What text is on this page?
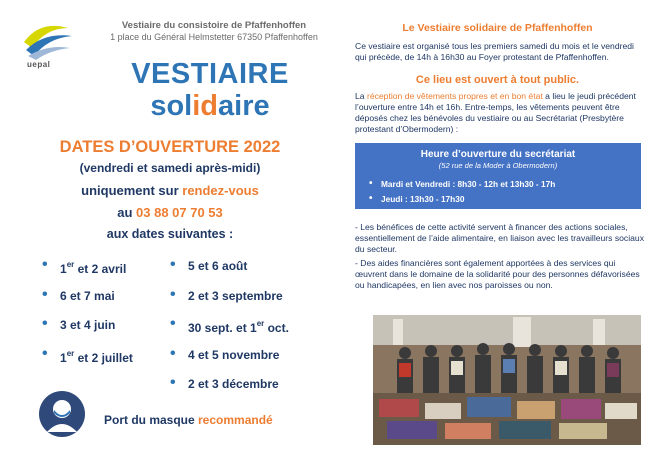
uepal
Vestiaire du consistoire de Pfaffenhoffen
1 place du Général Helmstetter 67350 Pfaffenhoffen
VESTIAIRE
solidaire
DATES D’OUVERTURE 2022
(vendredi et samedi après-midi)
uniquement sur rendez-vous
au 03 88 07 70 53
aux dates suivantes :
• 1er et 2 avril
• 6 et 7 mai
• 3 et 4 juin
• 1er et 2 juillet
• 5 et 6 août
• 2 et 3 septembre
• 30 sept. et 1er oct.
• 4 et 5 novembre
• 2 et 3 décembre
Port du masque recommandé
Le Vestiaire solidaire de Pfaffenhoffen
Ce vestiaire est organisé tous les premiers samedi du mois et le vendredi qui précède, de 14h à 16h30 au Foyer protestant de Pfaffenhoffen.
Ce lieu est ouvert à tout public.
La réception de vêtements propres et en bon état a lieu le jeudi précédent l’ouverture entre 14h et 16h. Entre-temps, les vêtements peuvent être déposés chez les bénévoles du vestiaire ou au Secrétariat (Presbytère protestant d’Obermodern) :
Heure d’ouverture du secrétariat
(52 rue de la Moder à Obermodern)
• Mardi et Vendredi : 8h30 - 12h et 13h30 - 17h
• Jeudi : 13h30 - 17h30
- Les bénéfices de cette activité servent à financer des actions sociales, essentiellement de l’aide alimentaire, en liaison avec les travailleurs sociaux du secteur.
- Des aides financières sont également apportées à des services qui œuvrent dans le domaine de la solidarité pour des personnes défavorisées ou handicapées, en lien avec nos paroisses ou non.
